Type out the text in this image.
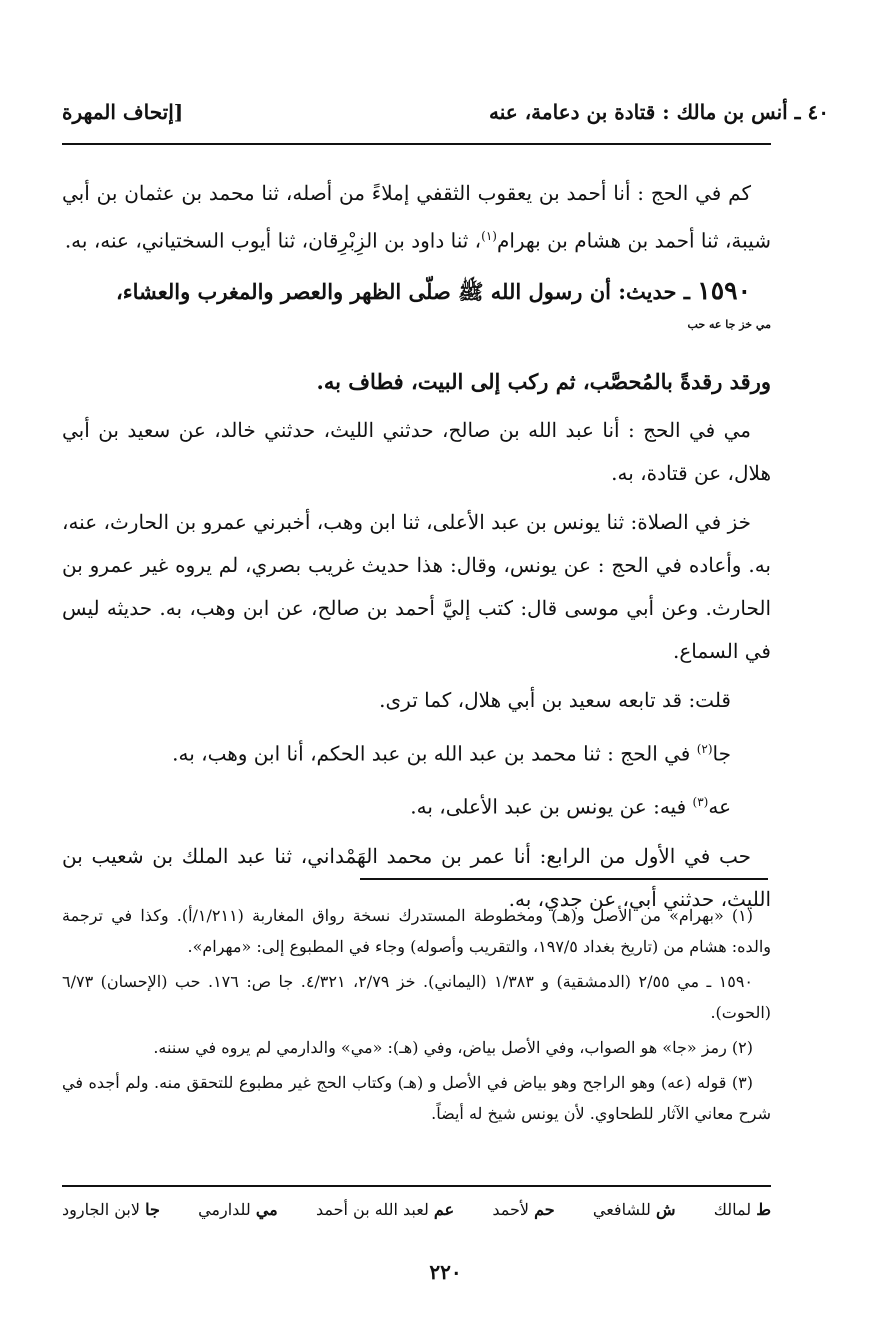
٤٠ ـ أنس بن مالك : قتادة بن دعامة، عنه
[إتحاف المهرة

كم في الحج : أنا أحمد بن يعقوب الثقفي إملاءً من أصله، ثنا محمد بن عثمان بن أبي شيبة، ثنا أحمد بن هشام بن بهرام$^{(١)}$، ثنا داود بن الزِبْرِقان، ثنا أيوب السختياني، عنه، به.

١٥٩٠ ـ حديث: أن رسول الله ﷺ صلّى الظهر والعصر والمغرب والعشاء،
$^{مي خز جا عه حب}$
ورقد رقدةً بالمُحصَّب، ثم ركب إلى البيت، فطاف به.

مي في الحج : أنا عبد الله بن صالح، حدثني الليث، حدثني خالد، عن سعيد بن أبي هلال، عن قتادة، به.

خز في الصلاة: ثنا يونس بن عبد الأعلى، ثنا ابن وهب، أخبرني عمرو بن الحارث، عنه، به. وأعاده في الحج : عن يونس، وقال: هذا حديث غريب بصري، لم يروه غير عمرو بن الحارث. وعن أبي موسى قال: كتب إليَّ أحمد بن صالح، عن ابن وهب، به. حديثه ليس في السماع.

قلت: قد تابعه سعيد بن أبي هلال، كما ترى.

جا$^{(٢)}$ في الحج : ثنا محمد بن عبد الله بن عبد الحكم، أنا ابن وهب، به.

عه$^{(٣)}$ فيه: عن يونس بن عبد الأعلى، به.

حب في الأول من الرابع: أنا عمر بن محمد الهَمْداني، ثنا عبد الملك بن شعيب بن الليث، حدثني أبي، عن جدي، به.

(١) «بهرام» من الأصل و(هـ) ومخطوطة المستدرك نسخة رواق المغاربة (١/٢١١/أ). وكذا في ترجمة والده: هشام من (تاريخ بغداد ١٩٧/٥، والتقريب وأصوله) وجاء في المطبوع إلى: «مهرام».

١٥٩٠ ـ مي ٢/٥٥ (الدمشقية) و ١/٣٨٣ (اليماني). خز ٢/٧٩، ٤/٣٢١. جا ص: ١٧٦. حب (الإحسان) ٦/٧٣ (الحوت).

(٢) رمز «جا» هو الصواب، وفي الأصل بياض، وفي (هـ): «مي» والدارمي لم يروه في سننه.

(٣) قوله (عه) وهو الراجح وهو بياض في الأصل و (هـ) وكتاب الحج غير مطبوع للتحقق منه. ولم أجده في شرح معاني الآثار للطحاوي. لأن يونس شيخ له أيضاً.

ط لمالك
ش للشافعي
حم لأحمد
عم لعبد الله بن أحمد
مي للدارمي
جا لابن الجارود
٢٢٠
